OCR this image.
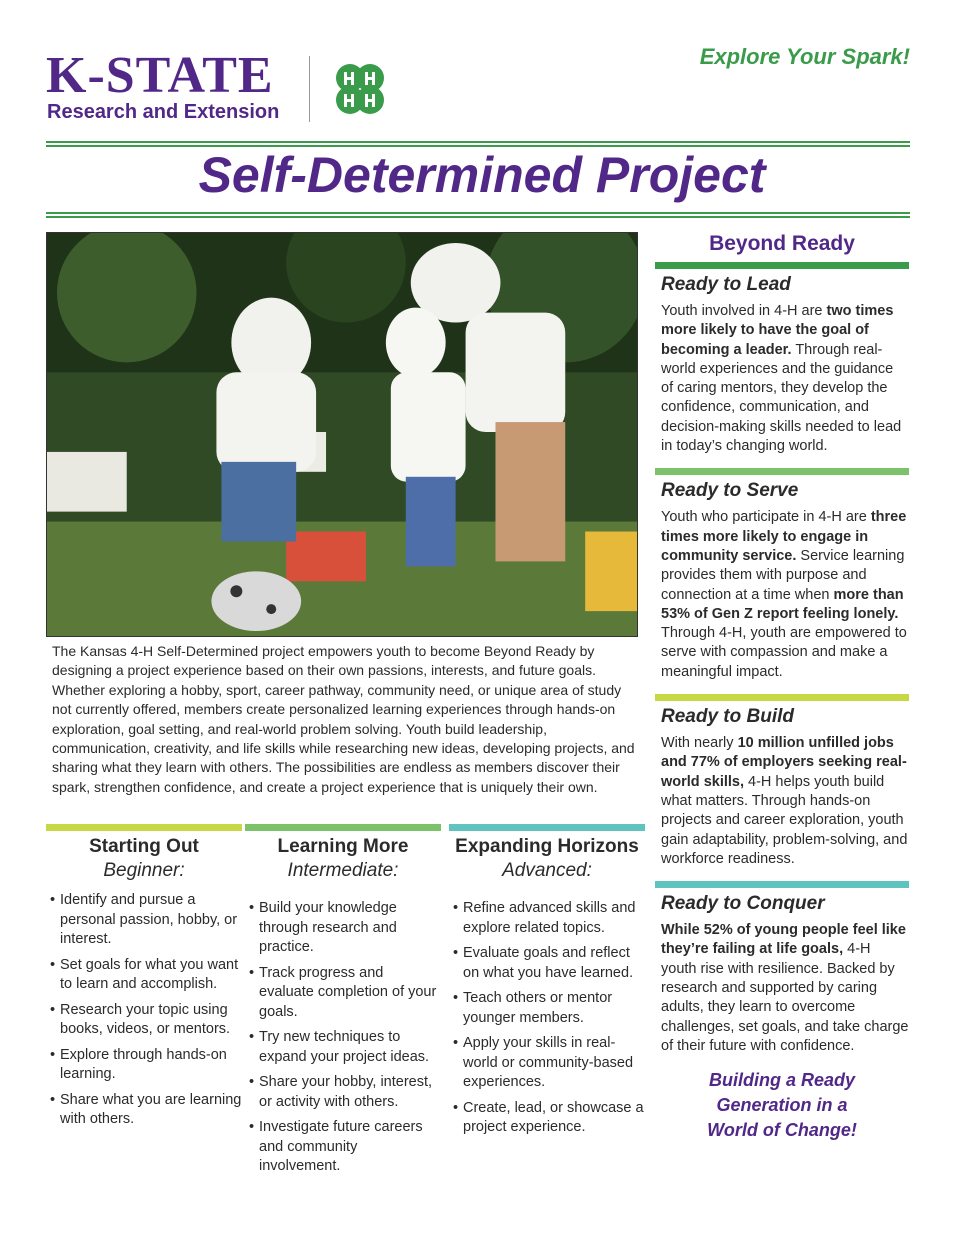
K-STATE
Research and Extension
Explore Your Spark!
Self-Determined Project

The Kansas 4-H Self-Determined project empowers youth to become Beyond Ready by designing a project experience based on their own passions, interests, and future goals. Whether exploring a hobby, sport, career pathway, community need, or unique area of study not currently offered, members create personalized learning experiences through hands-on exploration, goal setting, and real-world problem solving. Youth build leadership, communication, creativity, and life skills while researching new ideas, developing projects, and sharing what they learn with others. The possibilities are endless as members discover their spark, strengthen confidence, and create a project experience that is uniquely their own.

Starting Out
Beginner:
• Identify and pursue a personal passion, hobby, or interest.
• Set goals for what you want to learn and accomplish.
• Research your topic using books, videos, or mentors.
• Explore through hands-on learning.
• Share what you are learning with others.
Learning More
Intermediate:
• Build your knowledge through research and practice.
• Track progress and evaluate completion of your goals.
• Try new techniques to expand your project ideas.
• Share your hobby, interest, or activity with others.
• Investigate future careers and community involvement.
Expanding Horizons
Advanced:
• Refine advanced skills and explore related topics.
• Evaluate goals and reflect on what you have learned.
• Teach others or mentor younger members.
• Apply your skills in real-world or community-based experiences.
• Create, lead, or showcase a project experience.
Beyond Ready
Ready to Lead

Youth involved in 4-H are two times more likely to have the goal of becoming a leader. Through real-world experiences and the guidance of caring mentors, they develop the confidence, communication, and decision-making skills needed to lead in today’s changing world.

Ready to Serve

Youth who participate in 4-H are three times more likely to engage in community service. Service learning provides them with purpose and connection at a time when more than 53% of Gen Z report feeling lonely. Through 4-H, youth are empowered to serve with compassion and make a meaningful impact.

Ready to Build

With nearly 10 million unfilled jobs and 77% of employers seeking real-world skills, 4-H helps youth build what matters. Through hands-on projects and career exploration, youth gain adaptability, problem-solving, and workforce readiness.

Ready to Conquer

While 52% of young people feel like they’re failing at life goals, 4-H youth rise with resilience. Backed by research and supported by caring adults, they learn to overcome challenges, set goals, and take charge of their future with confidence.

Building a Ready
Generation in a
World of Change!
